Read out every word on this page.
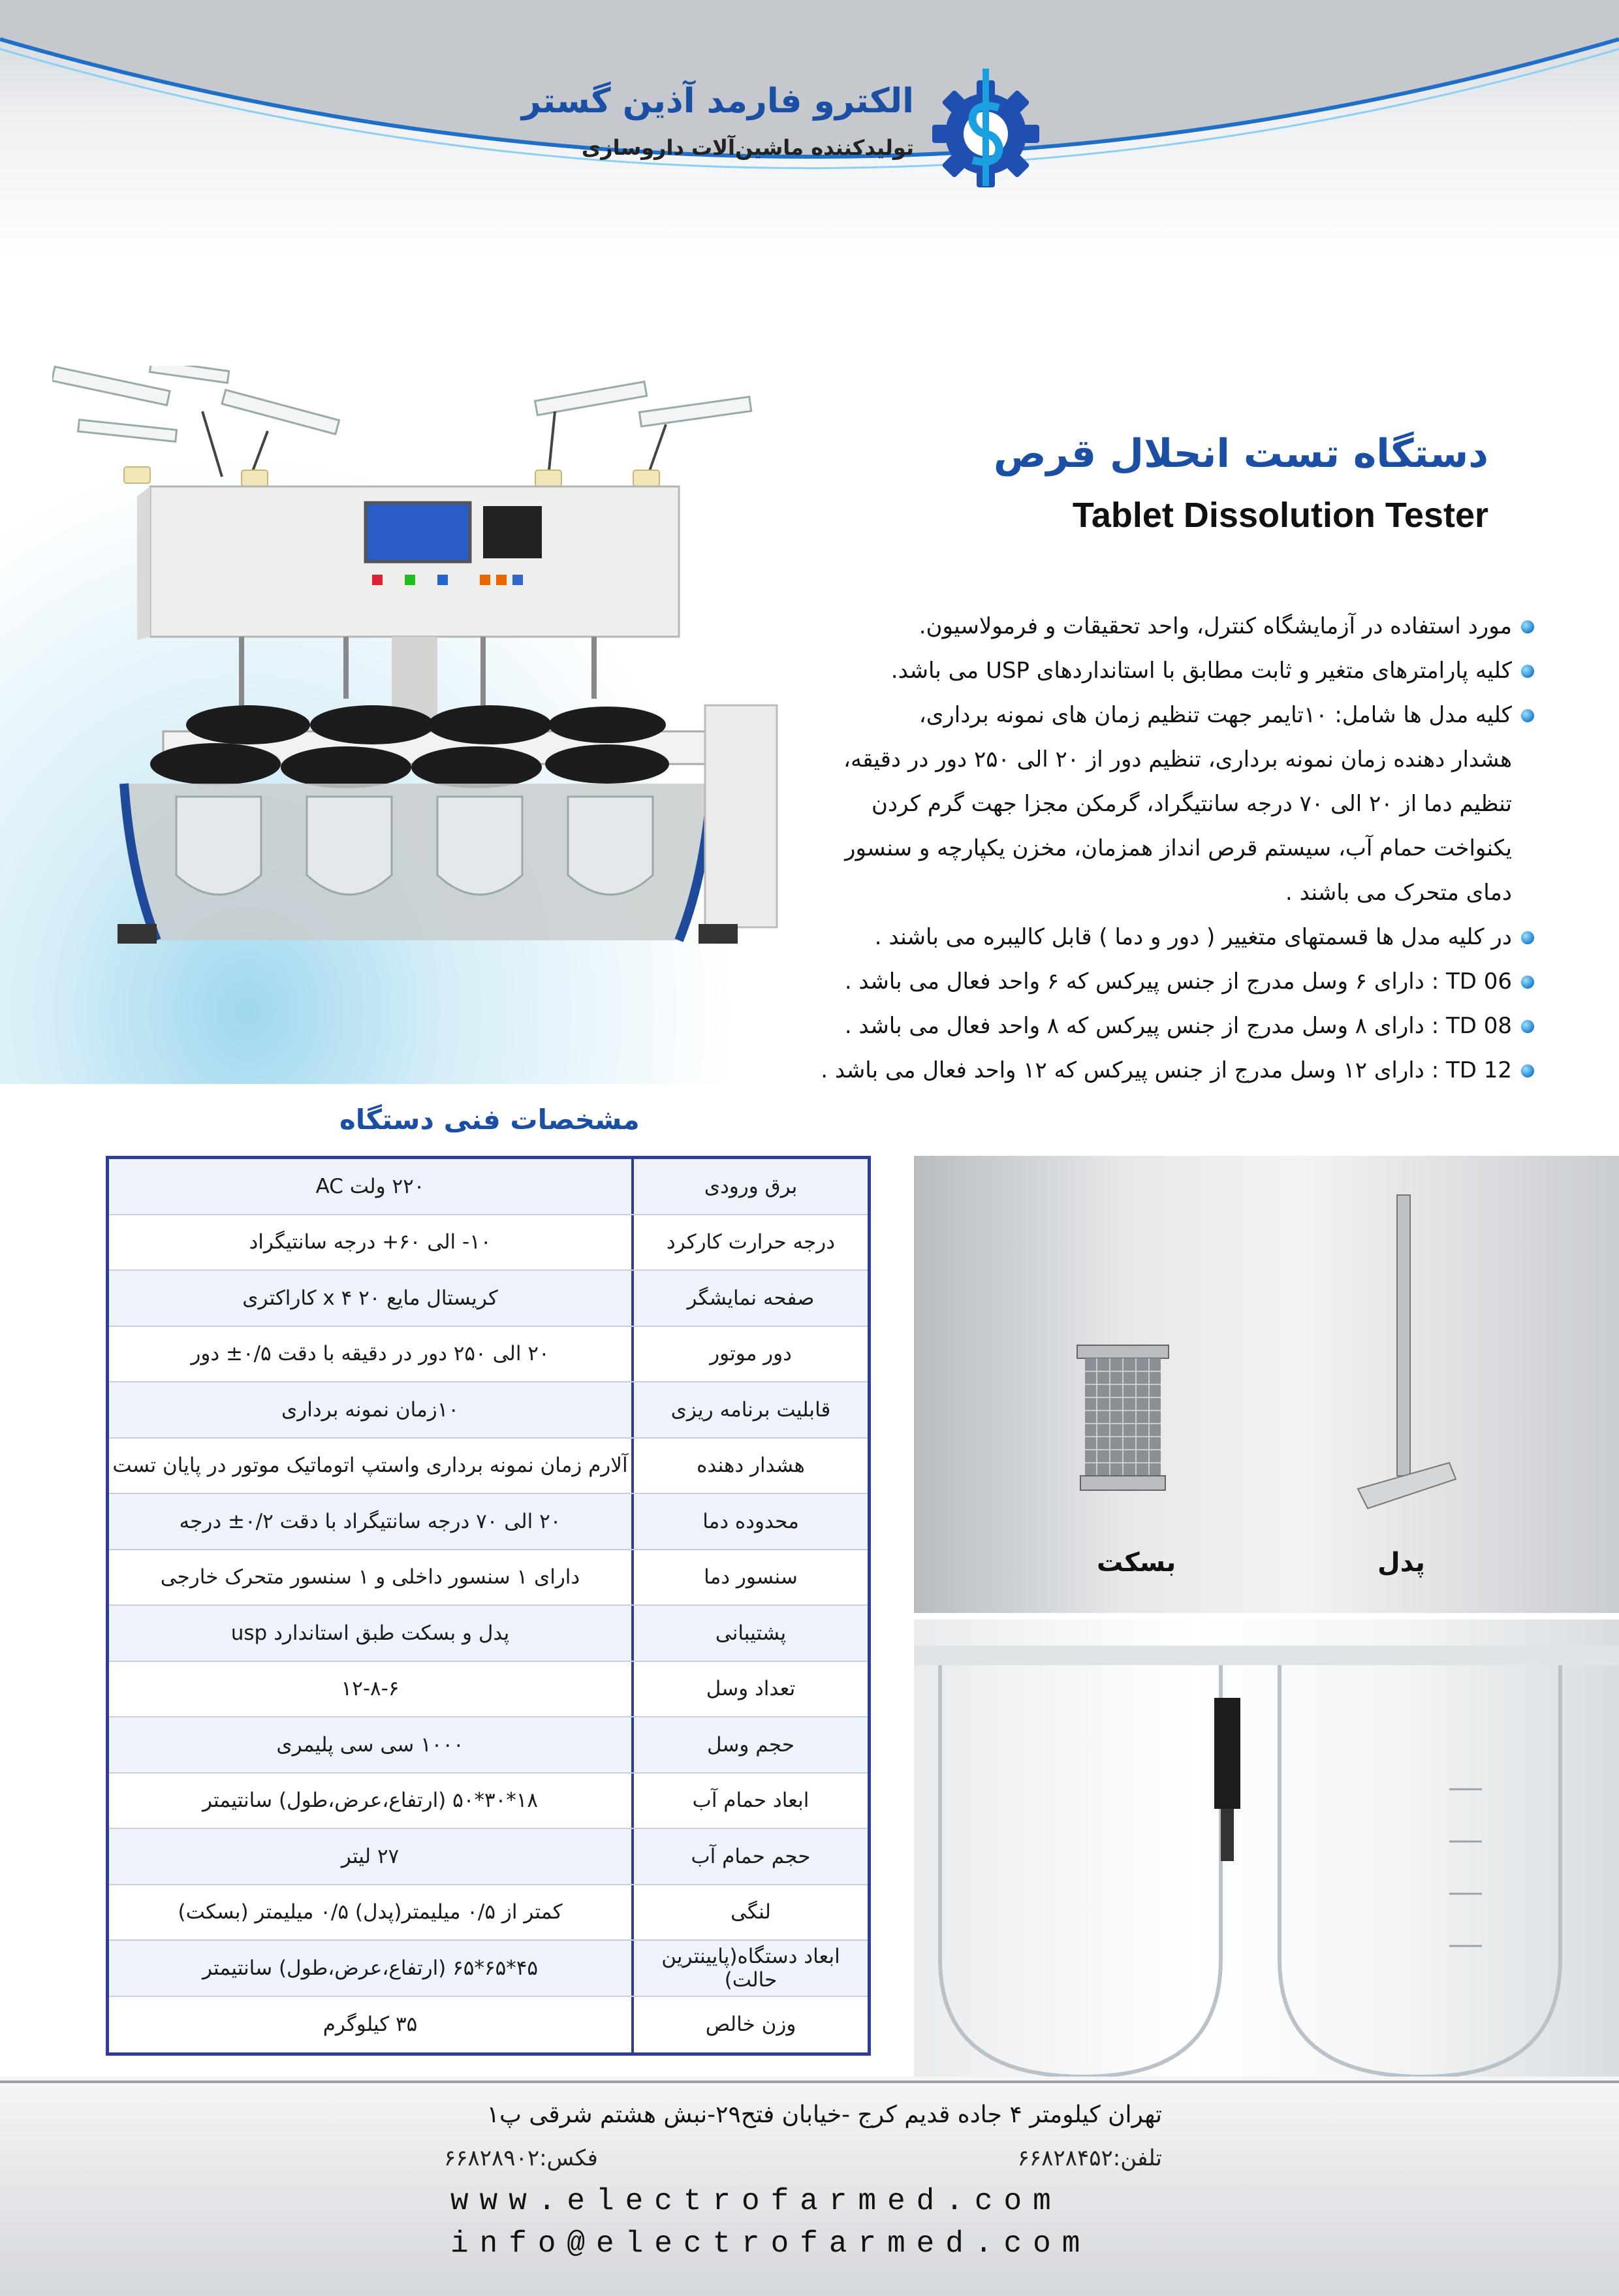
الکترو فارمد آذین گستر
تولیدکننده ماشین‌آلات داروسازی
دستگاه تست انحلال قرص
Tablet Dissolution Tester
مورد استفاده در آزمایشگاه کنترل، واحد تحقیقات و فرمولاسیون.
کلیه پارامترهای متغیر و ثابت مطابق با استانداردهای USP می باشد.
کلیه مدل ها شامل: ۱۰تایمر جهت تنظیم زمان های نمونه برداری،
هشدار دهنده زمان نمونه برداری، تنظیم دور از ۲۰ الی ۲۵۰ دور در دقیقه،
تنظیم دما از ۲۰ الی ۷۰ درجه سانتیگراد، گرمکن مجزا جهت گرم کردن
یکنواخت حمام آب، سیستم قرص انداز همزمان، مخزن یکپارچه و سنسور
دمای متحرک می باشند .
در کلیه مدل ها قسمتهای متغییر ( دور و دما ) قابل کالیبره می باشند .
TD 06 : دارای ۶ وسل مدرج از جنس پیرکس که ۶ واحد فعال می باشد .
TD 08 : دارای ۸ وسل مدرج از جنس پیرکس که ۸ واحد فعال می باشد .
TD 12 : دارای ۱۲ وسل مدرج از جنس پیرکس که ۱۲ واحد فعال می باشد .
مشخصات فنی دستگاه
۲۲۰ ولت AC	برق ورودی
۱۰- الی ۶۰+ درجه سانتیگراد	درجه حرارت کارکرد
کریستال مایع ۲۰ x ۴ کاراکتری	صفحه نمایشگر
۲۰ الی ۲۵۰ دور در دقیقه با دقت ۰/۵± دور	دور موتور
۱۰زمان نمونه برداری	قابلیت برنامه ریزی
آلارم زمان نمونه برداری واستپ اتوماتیک موتور در پایان تست	هشدار دهنده
۲۰ الی ۷۰ درجه سانتیگراد با دقت ۰/۲± درجه	محدوده دما
دارای ۱ سنسور داخلی و ۱ سنسور متحرک خارجی	سنسور دما
پدل و بسکت طبق استاندارد usp	پشتیبانی
۱۲-۸-۶	تعداد وسل
۱۰۰۰ سی سی پلیمری	حجم وسل
۱۸*۳۰*۵۰ (ارتفاع،عرض،طول) سانتیمتر	ابعاد حمام آب
۲۷ لیتر	حجم حمام آب
کمتر از ۰/۵ میلیمتر(پدل) ۰/۵ میلیمتر (بسکت)	لنگی
۴۵*۶۵*۶۵ (ارتفاع،عرض،طول) سانتیمتر	ابعاد دستگاه(پایینترین حالت)
۳۵ کیلوگرم	وزن خالص
بسکت	پدل
تهران کیلومتر ۴ جاده قدیم کرج -خیابان فتح۲۹-نبش هشتم شرقی پ۱
تلفن:۶۶۸۲۸۴۵۲
فکس:۶۶۸۲۸۹۰۲
www.electrofarmed.com
info@electrofarmed.com
